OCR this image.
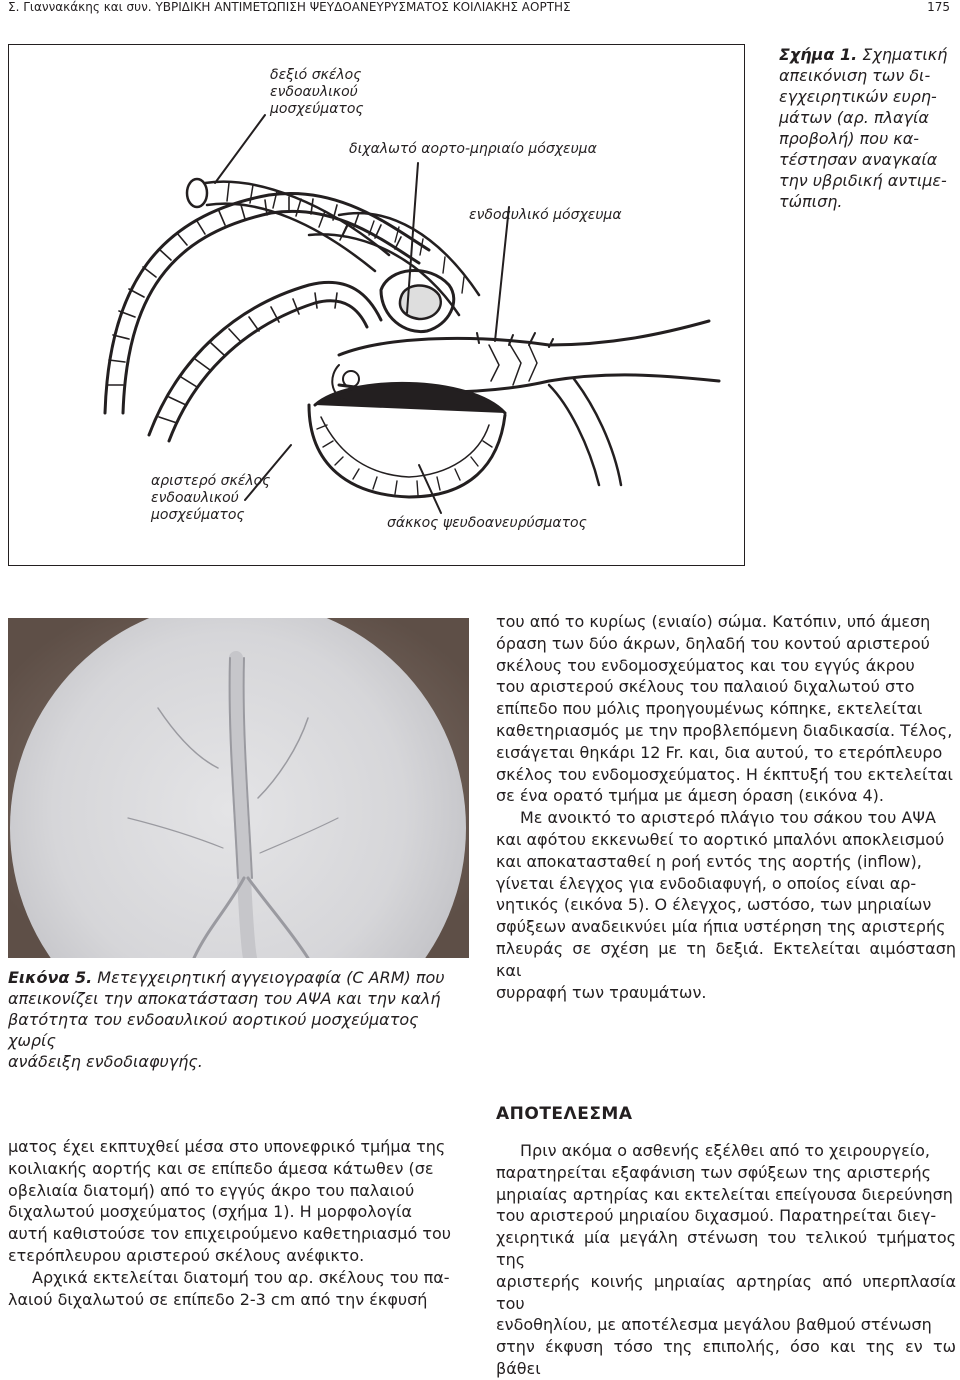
Σ. Γιαννακάκης και συν. ΥΒΡΙΔΙΚΗ ΑΝΤΙΜΕΤΩΠΙΣΗ ΨΕΥΔΟΑΝΕΥΡΥΣΜΑΤΟΣ ΚΟΙΛΙΑΚΗΣ ΑΟΡΤΗΣ	175
δεξιό σκέλος
ενδοαυλικού
μοσχεύματος
διχαλωτό αορτο-μηριαίο μόσχευμα
ενδοαυλικό μόσχευμα
αριστερό σκέλος
ενδοαυλικού
μοσχεύματος	σάκκος ψευδοανευρύσματος
Σχήμα 1. Σχηματική
απεικόνιση των δι-
εγχειρητικών ευρη-
μάτων (αρ. πλαγία
προβολή) που κα-
τέστησαν αναγκαία
την υβριδική αντιμε-
τώπιση.
Εικόνα 5. Μετεγχειρητική αγγειογραφία (C ARM) που
απεικονίζει την αποκατάσταση του ΑΨΑ και την καλή
βατότητα του ενδοαυλικού αορτικού μοσχεύματος χωρίς
ανάδειξη ενδοδιαφυγής.

ματος έχει εκπτυχθεί μέσα στο υπονεφρικό τμήμα της
κοιλιακής αορτής και σε επίπεδο άμεσα κάτωθεν (σε
οβελιαία διατομή) από το εγγύς άκρο του παλαιού
διχαλωτού μοσχεύματος (σχήμα 1). Η μορφολογία
αυτή καθιστούσε τον επιχειρούμενο καθετηριασμό του
ετερόπλευρου αριστερού σκέλους ανέφικτο.

Αρχικά εκτελείται διατομή του αρ. σκέλους του πα-
λαιού διχαλωτού σε επίπεδο 2-3 cm από την έκφυσή

του από το κυρίως (ενιαίο) σώμα. Κατόπιν, υπό άμεση
όραση των δύο άκρων, δηλαδή του κοντού αριστερού
σκέλους του ενδομοσχεύματος και του εγγύς άκρου
του αριστερού σκέλους του παλαιού διχαλωτού στο
επίπεδο που μόλις προηγουμένως κόπηκε, εκτελείται
καθετηριασμός με την προβλεπόμενη διαδικασία. Τέλος,
εισάγεται θηκάρι 12 Fr. και, δια αυτού, το ετερόπλευρο
σκέλος του ενδομοσχεύματος. Η έκπτυξή του εκτελείται
σε ένα ορατό τμήμα με άμεση όραση (εικόνα 4).

Με ανοικτό το αριστερό πλάγιο του σάκου του ΑΨΑ
και αφότου εκκενωθεί το αορτικό μπαλόνι αποκλεισμού
και αποκατασταθεί η ροή εντός της αορτής (inflow),
γίνεται έλεγχος για ενδοδιαφυγή, ο οποίος είναι αρ-
νητικός (εικόνα 5). Ο έλεγχος, ωστόσο, των μηριαίων
σφύξεων αναδεικνύει μία ήπια υστέρηση της αριστερής
πλευράς σε σχέση με τη δεξιά. Εκτελείται αιμόσταση και
συρραφή των τραυμάτων.

ΑΠΟΤΕΛΕΣΜΑ

Πριν ακόμα ο ασθενής εξέλθει από το χειρουργείο,
παρατηρείται εξαφάνιση των σφύξεων της αριστερής
μηριαίας αρτηρίας και εκτελείται επείγουσα διερεύνηση
του αριστερού μηριαίου διχασμού. Παρατηρείται διεγ-
χειρητικά μία μεγάλη στένωση του τελικού τμήματος της
αριστερής κοινής μηριαίας αρτηρίας από υπερπλασία του
ενδοθηλίου, με αποτέλεσμα μεγάλου βαθμού στένωση
στην έκφυση τόσο της επιπολής, όσο και της εν τω βάθει
